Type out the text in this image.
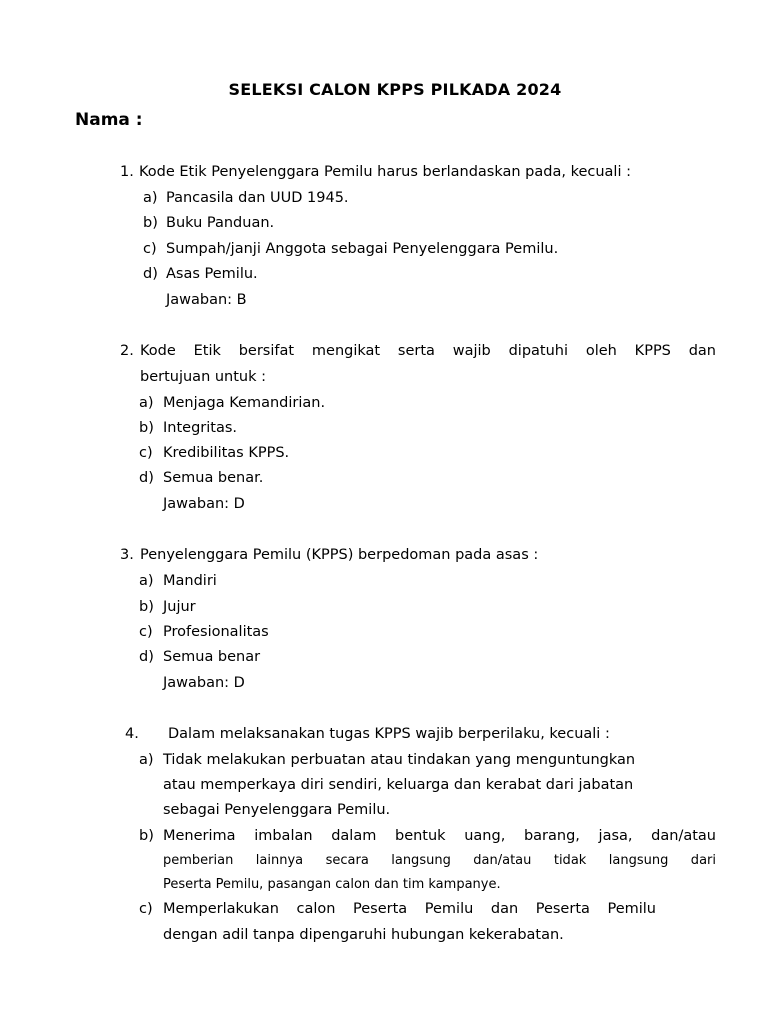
SELEKSI CALON KPPS PILKADA 2024
Nama :
1. Kode Etik Penyelenggara Pemilu harus berlandaskan pada, kecuali :
a) Pancasila dan UUD 1945.
b) Buku Panduan.
c) Sumpah/janji Anggota sebagai Penyelenggara Pemilu.
d) Asas Pemilu.
Jawaban: B
2. Kode Etik bersifat mengikat serta wajib dipatuhi oleh KPPS dan
bertujuan untuk :
a) Menjaga Kemandirian.
b) Integritas.
c) Kredibilitas KPPS.
d) Semua benar.
Jawaban: D
3. Penyelenggara Pemilu (KPPS) berpedoman pada asas :
a) Mandiri
b) Jujur
c) Profesionalitas
d) Semua benar
Jawaban: D
4. Dalam melaksanakan tugas KPPS wajib berperilaku, kecuali :
a) Tidak melakukan perbuatan atau tindakan yang menguntungkan
atau memperkaya diri sendiri, keluarga dan kerabat dari jabatan
sebagai Penyelenggara Pemilu.
b) Menerima imbalan dalam bentuk uang, barang, jasa, dan/atau
pemberian lainnya secara langsung dan/atau tidak langsung dari
Peserta Pemilu, pasangan calon dan tim kampanye.
c) Memperlakukan calon Peserta Pemilu dan Peserta Pemilu
dengan adil tanpa dipengaruhi hubungan kekerabatan.
